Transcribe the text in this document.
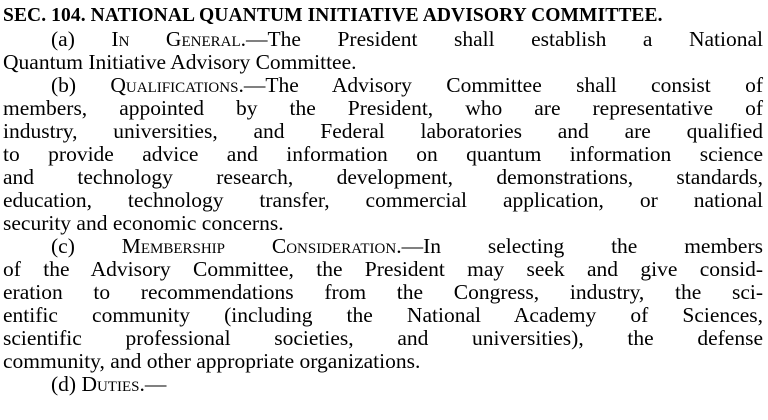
SEC. 104. NATIONAL QUANTUM INITIATIVE ADVISORY COMMITTEE.
(a) In General.—The President shall establish a National
Quantum Initiative Advisory Committee.
(b) Qualifications.—The Advisory Committee shall consist of
members, appointed by the President, who are representative of
industry, universities, and Federal laboratories and are qualified
to provide advice and information on quantum information science
and technology research, development, demonstrations, standards,
education, technology transfer, commercial application, or national
security and economic concerns.
(c) Membership Consideration.—In selecting the members
of the Advisory Committee, the President may seek and give consid-
eration to recommendations from the Congress, industry, the sci-
entific community (including the National Academy of Sciences,
scientific professional societies, and universities), the defense
community, and other appropriate organizations.
(d) Duties.—
